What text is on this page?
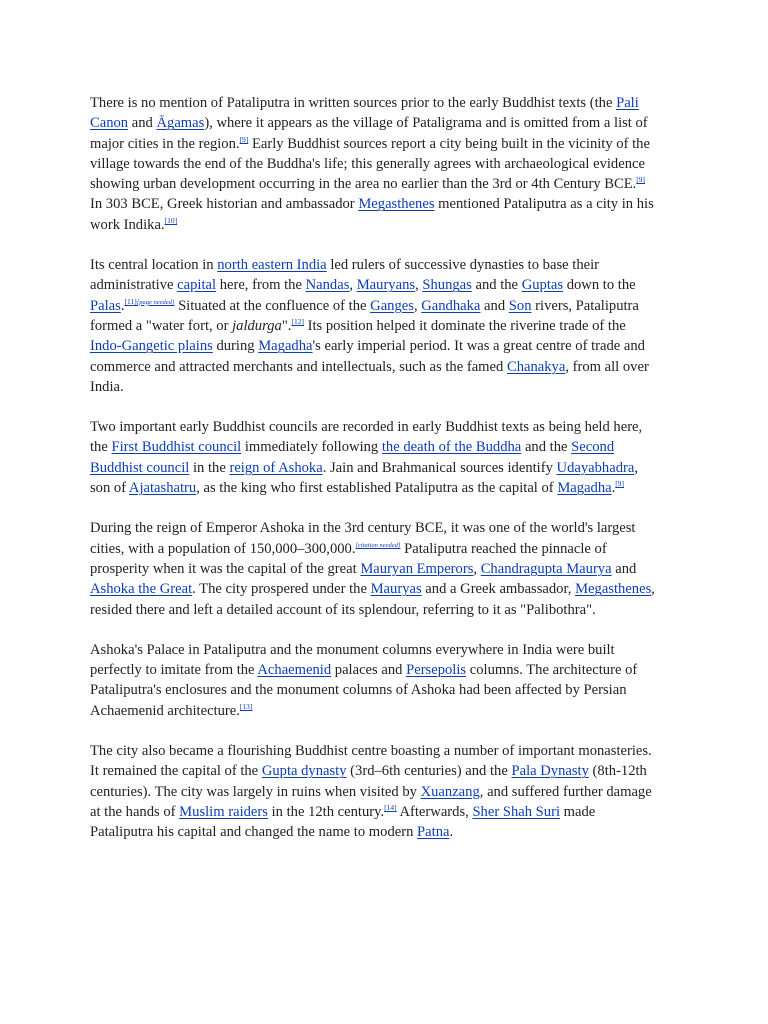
There is no mention of Pataliputra in written sources prior to the early Buddhist texts (the Pali
Canon and Āgamas), where it appears as the village of Pataligrama and is omitted from a list of
major cities in the region.[9] Early Buddhist sources report a city being built in the vicinity of the
village towards the end of the Buddha's life; this generally agrees with archaeological evidence
showing urban development occurring in the area no earlier than the 3rd or 4th Century BCE.[9]
In 303 BCE, Greek historian and ambassador Megasthenes mentioned Pataliputra as a city in his
work Indika.[10]
Its central location in north eastern India led rulers of successive dynasties to base their
administrative capital here, from the Nandas, Mauryans, Shungas and the Guptas down to the
Palas.[11][page needed] Situated at the confluence of the Ganges, Gandhaka and Son rivers, Pataliputra
formed a "water fort, or jaldurga".[12] Its position helped it dominate the riverine trade of the
Indo-Gangetic plains during Magadha's early imperial period. It was a great centre of trade and
commerce and attracted merchants and intellectuals, such as the famed Chanakya, from all over
India.
Two important early Buddhist councils are recorded in early Buddhist texts as being held here,
the First Buddhist council immediately following the death of the Buddha and the Second
Buddhist council in the reign of Ashoka. Jain and Brahmanical sources identify Udayabhadra,
son of Ajatashatru, as the king who first established Pataliputra as the capital of Magadha.[9]
During the reign of Emperor Ashoka in the 3rd century BCE, it was one of the world's largest
cities, with a population of 150,000–300,000.[citation needed] Pataliputra reached the pinnacle of
prosperity when it was the capital of the great Mauryan Emperors, Chandragupta Maurya and
Ashoka the Great. The city prospered under the Mauryas and a Greek ambassador, Megasthenes,
resided there and left a detailed account of its splendour, referring to it as "Palibothra".
Ashoka's Palace in Pataliputra and the monument columns everywhere in India were built
perfectly to imitate from the Achaemenid palaces and Persepolis columns. The architecture of
Pataliputra's enclosures and the monument columns of Ashoka had been affected by Persian
Achaemenid architecture.[13]
The city also became a flourishing Buddhist centre boasting a number of important monasteries.
It remained the capital of the Gupta dynasty (3rd–6th centuries) and the Pala Dynasty (8th-12th
centuries). The city was largely in ruins when visited by Xuanzang, and suffered further damage
at the hands of Muslim raiders in the 12th century.[14] Afterwards, Sher Shah Suri made
Pataliputra his capital and changed the name to modern Patna.
